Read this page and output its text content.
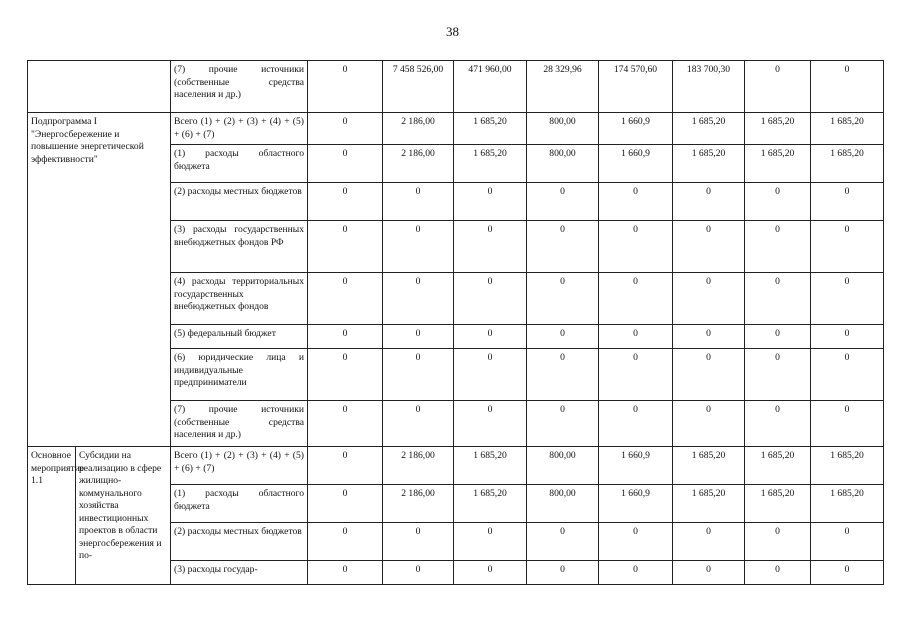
38
		(7) прочие источники (собственные средства населения и др.)	0	7 458 526,00	471 960,00	28 329,96	174 570,60	183 700,30	0	0
Подпрограмма I "Энергосбережение и повышение энергетической эффективности"		Всего (1) + (2) + (3) + (4) + (5) + (6) + (7)	0	2 186,00	1 685,20	800,00	1 660,9	1 685,20	1 685,20	1 685,20
		(1) расходы областного бюджета	0	2 186,00	1 685,20	800,00	1 660,9	1 685,20	1 685,20	1 685,20
		(2) расходы местных бюджетов	0	0	0	0	0	0	0	0
		(3) расходы государственных внебюджетных фондов РФ	0	0	0	0	0	0	0	0
		(4) расходы территориальных государственных внебюджетных фондов	0	0	0	0	0	0	0	0
		(5) федеральный бюджет	0	0	0	0	0	0	0	0
		(6) юридические лица и индивидуальные предприниматели	0	0	0	0	0	0	0	0
		(7) прочие источники (собственные средства населения и др.)	0	0	0	0	0	0	0	0
Основное мероприятие 1.1	Субсидии на реализацию в сфере жилищно-коммунального хозяйства инвестиционных проектов в области энергосбережения и по-	Всего (1) + (2) + (3) + (4) + (5) + (6) + (7)	0	2 186,00	1 685,20	800,00	1 660,9	1 685,20	1 685,20	1 685,20
		(1) расходы областного бюджета	0	2 186,00	1 685,20	800,00	1 660,9	1 685,20	1 685,20	1 685,20
		(2) расходы местных бюджетов	0	0	0	0	0	0	0	0
		(3) расходы государ-	0	0	0	0	0	0	0	0
